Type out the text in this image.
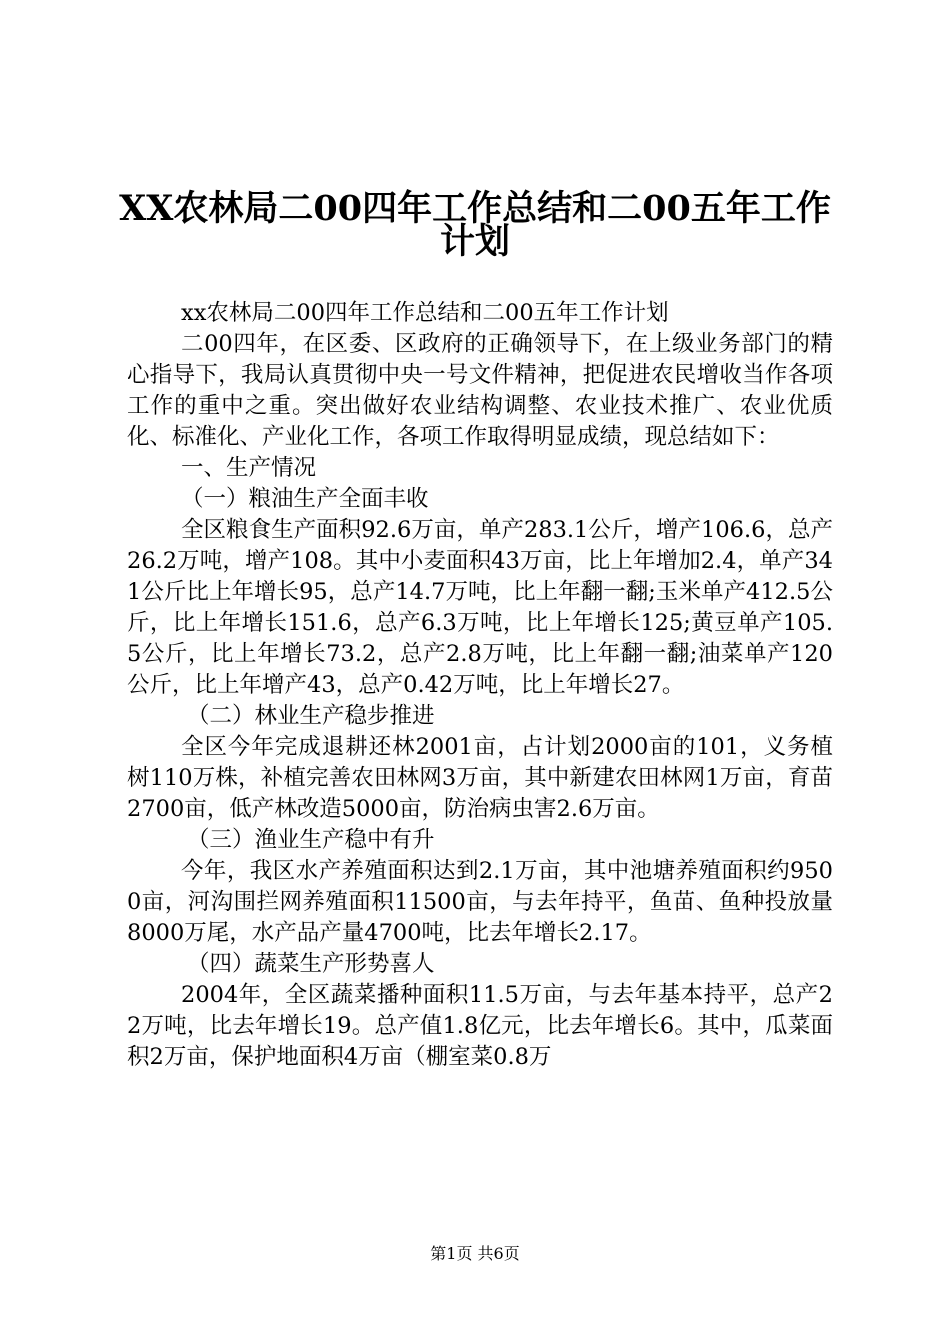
XX农林局二00四年工作总结和二00五年工作
计划

xx农林局二00四年工作总结和二00五年工作计划

二00四年，在区委、区政府的正确领导下，在上级业务部门的精心指导下，我局认真贯彻中央一号文件精神，把促进农民增收当作各项工作的重中之重。突出做好农业结构调整、农业技术推广、农业优质化、标准化、产业化工作，各项工作取得明显成绩，现总结如下：

一、生产情况

（一）粮油生产全面丰收

全区粮食生产面积92.6万亩，单产283.1公斤，增产106.6，总产26.2万吨，增产108。其中小麦面积43万亩，比上年增加2.4，单产341公斤比上年增长95，总产14.7万吨，比上年翻一翻;玉米单产412.5公斤，比上年增长151.6，总产6.3万吨，比上年增长125;黄豆单产105.5公斤，比上年增长73.2，总产2.8万吨，比上年翻一翻;油菜单产120公斤，比上年增产43，总产0.42万吨，比上年增长27。

（二）林业生产稳步推进

全区今年完成退耕还林2001亩，占计划2000亩的101，义务植树110万株，补植完善农田林网3万亩，其中新建农田林网1万亩，育苗2700亩，低产林改造5000亩，防治病虫害2.6万亩。

（三）渔业生产稳中有升

今年，我区水产养殖面积达到2.1万亩，其中池塘养殖面积约9500亩，河沟围拦网养殖面积11500亩，与去年持平，鱼苗、鱼种投放量8000万尾，水产品产量4700吨，比去年增长2.17。

（四）蔬菜生产形势喜人

2004年，全区蔬菜播种面积11.5万亩，与去年基本持平，总产22万吨，比去年增长19。总产值1.8亿元，比去年增长6。其中，瓜菜面积2万亩，保护地面积4万亩（棚室菜0.8万

第1页 共6页
